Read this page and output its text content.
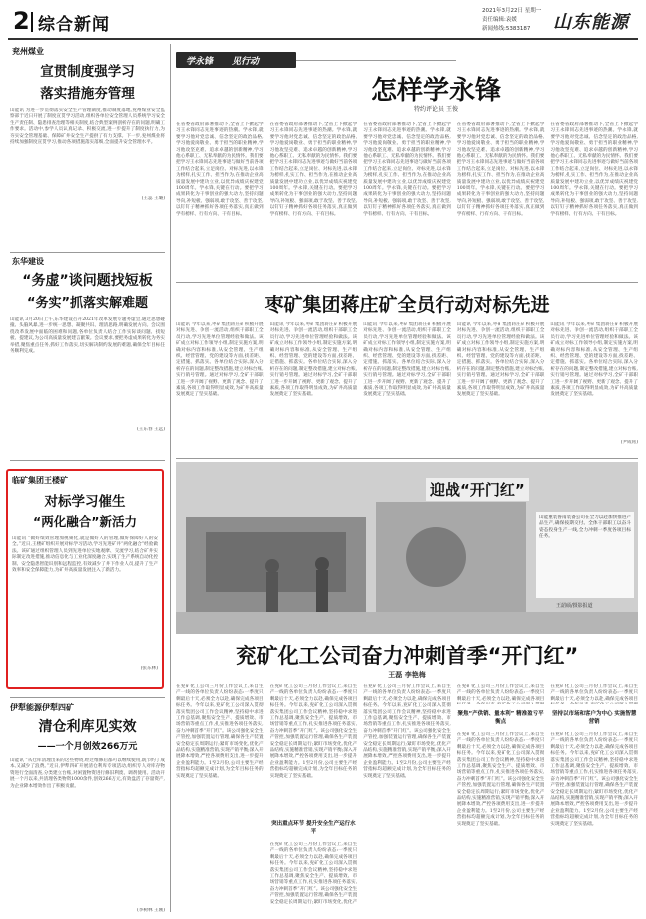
2 综合新闻
2021年3月22日 星期一
责任编辑:袁媛
新闻热线:5383187 山东能源
兖州煤业
宣贯制度强学习
落实措施夯管理
山能讯 为进一步贯彻落实安全生产管理制度,推动制度落地,兖州煤业安全监察部于近日开展了制度宣贯学习活动,组织各单位安全管理人员系统学习安全生产责任制、隐患排查治理等相关制度,结合典型案例剖析存在的问题,明确工作要求。活动中,参学人员认真记录、积极交流,进一步提升了制度执行力,为夯实安全管理基础、保障矿井安全生产提供了有力支撑。下一步,兖州煤业将持续加强制度宣贯学习,推动各项措施落实落细,全面提升安全管理水平。
(王蕊 王璐)
东华建设
“务虚”谈问题找短板
“务实”抓落实解难题
山能讯 3月20日上午,东华建设召开2021年改革发展专题务虚会,通过思想碰撞、头脑风暴,进一步统一思想、凝聚共识、理清思路,明确发展方向。会议围绕改革发展中面临的困难和问题,各单位负责人结合工作实际谈问题、找短板、提建议,为公司高质量发展建言献策。会议要求,要把务虚成果转化为务实举措,聚焦重点任务,抓好工作落实,切实解决制约发展的难题,确保全年目标任务顺利完成。
(王东春 王远)
临矿集团王楼矿
对标学习催生
“两化融合”新活力
山能讯 “做好绩效管理加视频化,就是做好人的管理,做好保障好人的安全。”近日,王楼矿组织开展对标学习活动,学习先进矿井“两化融合”经验做法。该矿通过组织管理人员到先进单位实地观摩、交流学习,结合矿井实际制定改进措施,推动信息化与工业化深度融合,实现了生产系统自动化控制、安全隐患智能识别和远程监控,有效减少了井下作业人员,提升了生产效率和安全保障能力,为矿井高质量发展注入了新活力。
(张东林)
伊犁能源伊犁四矿
清仓利库见实效
——一个月创效266万元
山能讯 “从仓库清理出来的这些物资,经过维修后都可以继续使用,既节约了成本,又减少了浪费。”近日,伊犁四矿开展清仓利库专项活动,组织专人对库存物资进行全面清查,分类建立台账,对闲置物资进行修旧利废、调剂使用。活动开展一个月以来,共清理各类物资1000余件,创效266万元,有效盘活了存量资产,为企业降本增效作出了积极贡献。
(李树林 王刚)
学永锋 见行动
怎样学永锋
特约评论员 王俊
在省委省政府部署推动下,全省上下掀起学习王永锋同志先进事迹的热潮。学永锋,就要学习他对党忠诚、信念坚定的政治品格,学习他爱岗敬业、勇于担当的职业精神,学习他攻坚克难、追求卓越的创新精神,学习他心系职工、无私奉献的为民情怀。我们要把学习王永锋同志先进事迹与做好当前各项工作结合起来,立足岗位、对标先进,以永锋为榜样,扎实工作、担当作为,在推动企业高质量发展中建功立业,以优异成绩庆祝建党100周年。学永锋,关键在行动。要把学习成果转化为干事创业的强大动力,坚持问题导向,补短板、强弱项,敢于攻坚、善于攻坚,以钉钉子精神抓好各项任务落实,真正做到学有榜样、行有方向、干有目标。
在省委省政府部署推动下,全省上下掀起学习王永锋同志先进事迹的热潮。学永锋,就要学习他对党忠诚、信念坚定的政治品格,学习他爱岗敬业、勇于担当的职业精神,学习他攻坚克难、追求卓越的创新精神,学习他心系职工、无私奉献的为民情怀。我们要把学习王永锋同志先进事迹与做好当前各项工作结合起来,立足岗位、对标先进,以永锋为榜样,扎实工作、担当作为,在推动企业高质量发展中建功立业,以优异成绩庆祝建党100周年。学永锋,关键在行动。要把学习成果转化为干事创业的强大动力,坚持问题导向,补短板、强弱项,敢于攻坚、善于攻坚,以钉钉子精神抓好各项任务落实,真正做到学有榜样、行有方向、干有目标。
在省委省政府部署推动下,全省上下掀起学习王永锋同志先进事迹的热潮。学永锋,就要学习他对党忠诚、信念坚定的政治品格,学习他爱岗敬业、勇于担当的职业精神,学习他攻坚克难、追求卓越的创新精神,学习他心系职工、无私奉献的为民情怀。我们要把学习王永锋同志先进事迹与做好当前各项工作结合起来,立足岗位、对标先进,以永锋为榜样,扎实工作、担当作为,在推动企业高质量发展中建功立业,以优异成绩庆祝建党100周年。学永锋,关键在行动。要把学习成果转化为干事创业的强大动力,坚持问题导向,补短板、强弱项,敢于攻坚、善于攻坚,以钉钉子精神抓好各项任务落实,真正做到学有榜样、行有方向、干有目标。
在省委省政府部署推动下,全省上下掀起学习王永锋同志先进事迹的热潮。学永锋,就要学习他对党忠诚、信念坚定的政治品格,学习他爱岗敬业、勇于担当的职业精神,学习他攻坚克难、追求卓越的创新精神,学习他心系职工、无私奉献的为民情怀。我们要把学习王永锋同志先进事迹与做好当前各项工作结合起来,立足岗位、对标先进,以永锋为榜样,扎实工作、担当作为,在推动企业高质量发展中建功立业,以优异成绩庆祝建党100周年。学永锋,关键在行动。要把学习成果转化为干事创业的强大动力,坚持问题导向,补短板、强弱项,敢于攻坚、善于攻坚,以钉钉子精神抓好各项任务落实,真正做到学有榜样、行有方向、干有目标。
在省委省政府部署推动下,全省上下掀起学习王永锋同志先进事迹的热潮。学永锋,就要学习他对党忠诚、信念坚定的政治品格,学习他爱岗敬业、勇于担当的职业精神,学习他攻坚克难、追求卓越的创新精神,学习他心系职工、无私奉献的为民情怀。我们要把学习王永锋同志先进事迹与做好当前各项工作结合起来,立足岗位、对标先进,以永锋为榜样,扎实工作、担当作为,在推动企业高质量发展中建功立业,以优异成绩庆祝建党100周年。学永锋,关键在行动。要把学习成果转化为干事创业的强大动力,坚持问题导向,补短板、强弱项,敢于攻坚、善于攻坚,以钉钉子精神抓好各项任务落实,真正做到学有榜样、行有方向、干有目标。
枣矿集团蒋庄矿全员行动对标先进
山能讯 今年以来,枣矿集团蒋庄矿积极开展对标先进、争创一流活动,组织干部职工全员行动,学习先进单位管理经验和做法。该矿成立对标工作领导小组,制定实施方案,明确对标内容和标准,从安全管理、生产组织、经营管理、党的建设等方面,找差距、定措施、抓落实。各单位结合实际,深入分析存在的问题,制定整改措施,建立对标台账,实行销号管理。通过对标学习,全矿干部职工进一步开阔了视野、更新了观念、提升了素质,各项工作取得明显成效,为矿井高质量发展奠定了坚实基础。
山能讯 今年以来,枣矿集团蒋庄矿积极开展对标先进、争创一流活动,组织干部职工全员行动,学习先进单位管理经验和做法。该矿成立对标工作领导小组,制定实施方案,明确对标内容和标准,从安全管理、生产组织、经营管理、党的建设等方面,找差距、定措施、抓落实。各单位结合实际,深入分析存在的问题,制定整改措施,建立对标台账,实行销号管理。通过对标学习,全矿干部职工进一步开阔了视野、更新了观念、提升了素质,各项工作取得明显成效,为矿井高质量发展奠定了坚实基础。
山能讯 今年以来,枣矿集团蒋庄矿积极开展对标先进、争创一流活动,组织干部职工全员行动,学习先进单位管理经验和做法。该矿成立对标工作领导小组,制定实施方案,明确对标内容和标准,从安全管理、生产组织、经营管理、党的建设等方面,找差距、定措施、抓落实。各单位结合实际,深入分析存在的问题,制定整改措施,建立对标台账,实行销号管理。通过对标学习,全矿干部职工进一步开阔了视野、更新了观念、提升了素质,各项工作取得明显成效,为矿井高质量发展奠定了坚实基础。
山能讯 今年以来,枣矿集团蒋庄矿积极开展对标先进、争创一流活动,组织干部职工全员行动,学习先进单位管理经验和做法。该矿成立对标工作领导小组,制定实施方案,明确对标内容和标准,从安全管理、生产组织、经营管理、党的建设等方面,找差距、定措施、抓落实。各单位结合实际,深入分析存在的问题,制定整改措施,建立对标台账,实行销号管理。通过对标学习,全矿干部职工进一步开阔了视野、更新了观念、提升了素质,各项工作取得明显成效,为矿井高质量发展奠定了坚实基础。
山能讯 今年以来,枣矿集团蒋庄矿积极开展对标先进、争创一流活动,组织干部职工全员行动,学习先进单位管理经验和做法。该矿成立对标工作领导小组,制定实施方案,明确对标内容和标准,从安全管理、生产组织、经营管理、党的建设等方面,找差距、定措施、抓落实。各单位结合实际,深入分析存在的问题,制定整改措施,建立对标台账,实行销号管理。通过对标学习,全矿干部职工进一步开阔了视野、更新了观念、提升了素质,各项工作取得明显成效,为矿井高质量发展奠定了坚实基础。
(尹成铭)
迎战“开门红”
山能重装鲁南装备公司在全力以赴加快推进产品生产,确保按期交付。全体干部职工以奋斗姿态投身生产一线,全力冲刺一季度各项目标任务。
王韶硕/摄影报道
兖矿化工公司奋力冲刺首季“开门红”
王磊 李艳梅
在兖矿化工公司三月份工作会议上,来自生产一线的各单位负责人纷纷表态:一季度只剩最后十天,必须全力以赴,确保完成各项目标任务。今年以来,兖矿化工公司深入贯彻落实集团公司工作会议精神,坚持稳中求进工作总基调,聚焦安全生产、提质增效、市场营销等重点工作,扎实推进各项任务落实,奋力冲刺首季“开门红”。该公司强化安全生产管控,加强装置运行管理,确保各生产装置安全稳定长周期运行;紧盯市场变化,优化产品结构,实施精准营销,实现产销平衡;深入开展降本增效,严控各项费用支出,进一步提升企业盈利能力。1至2月份,公司主要生产经营指标均超额完成计划,为全年目标任务的实现奠定了坚实基础。
在兖矿化工公司三月份工作会议上,来自生产一线的各单位负责人纷纷表态:一季度只剩最后十天,必须全力以赴,确保完成各项目标任务。今年以来,兖矿化工公司深入贯彻落实集团公司工作会议精神,坚持稳中求进工作总基调,聚焦安全生产、提质增效、市场营销等重点工作,扎实推进各项任务落实,奋力冲刺首季“开门红”。该公司强化安全生产管控,加强装置运行管理,确保各生产装置安全稳定长周期运行;紧盯市场变化,优化产品结构,实施精准营销,实现产销平衡;深入开展降本增效,严控各项费用支出,进一步提升企业盈利能力。1至2月份,公司主要生产经营指标均超额完成计划,为全年目标任务的实现奠定了坚实基础。
突出重点环节 提升安全生产运行水平
在兖矿化工公司三月份工作会议上,来自生产一线的各单位负责人纷纷表态:一季度只剩最后十天,必须全力以赴,确保完成各项目标任务。今年以来,兖矿化工公司深入贯彻落实集团公司工作会议精神,坚持稳中求进工作总基调,聚焦安全生产、提质增效、市场营销等重点工作,扎实推进各项任务落实,奋力冲刺首季“开门红”。该公司强化安全生产管控,加强装置运行管理,确保各生产装置安全稳定长周期运行;紧盯市场变化,优化产
在兖矿化工公司三月份工作会议上,来自生产一线的各单位负责人纷纷表态:一季度只剩最后十天,必须全力以赴,确保完成各项目标任务。今年以来,兖矿化工公司深入贯彻落实集团公司工作会议精神,坚持稳中求进工作总基调,聚焦安全生产、提质增效、市场营销等重点工作,扎实推进各项任务落实,奋力冲刺首季“开门红”。该公司强化安全生产管控,加强装置运行管理,确保各生产装置安全稳定长周期运行;紧盯市场变化,优化产品结构,实施精准营销,实现产销平衡;深入开展降本增效,严控各项费用支出,进一步提升企业盈利能力。1至2月份,公司主要生产经营指标均超额完成计划,为全年目标任务的实现奠定了坚实基础。
在兖矿化工公司三月份工作会议上,来自生产一线的各单位负责人纷纷表态:一季度只剩最后十天,必须全力以赴,确保完成各项目
聚焦“产供销、量本利” 精准盈亏平衡点
在兖矿化工公司三月份工作会议上,来自生产一线的各单位负责人纷纷表态:一季度只剩最后十天,必须全力以赴,确保完成各项目标任务。今年以来,兖矿化工公司深入贯彻落实集团公司工作会议精神,坚持稳中求进工作总基调,聚焦安全生产、提质增效、市场营销等重点工作,扎实推进各项任务落实,奋力冲刺首季“开门红”。该公司强化安全生产管控,加强装置运行管理,确保各生产装置安全稳定长周期运行;紧盯市场变化,优化产品结构,实施精准营销,实现产销平衡;深入开展降本增效,严控各项费用支出,进一步提升企业盈利能力。1至2月份,公司主要生产经营指标均超额完成计划,为全年目标任务的实现奠定了坚实基础。
在兖矿化工公司三月份工作会议上,来自生产一线的各单位负责人纷纷表态:一季度只剩最后十天,必须全力以赴,确保完成各项目
坚持以市场和客户为中心 实施智慧营销
在兖矿化工公司三月份工作会议上,来自生产一线的各单位负责人纷纷表态:一季度只剩最后十天,必须全力以赴,确保完成各项目标任务。今年以来,兖矿化工公司深入贯彻落实集团公司工作会议精神,坚持稳中求进工作总基调,聚焦安全生产、提质增效、市场营销等重点工作,扎实推进各项任务落实,奋力冲刺首季“开门红”。该公司强化安全生产管控,加强装置运行管理,确保各生产装置安全稳定长周期运行;紧盯市场变化,优化产品结构,实施精准营销,实现产销平衡;深入开展降本增效,严控各项费用支出,进一步提升企业盈利能力。1至2月份,公司主要生产经营指标均超额完成计划,为全年目标任务的实现奠定了坚实基础。
